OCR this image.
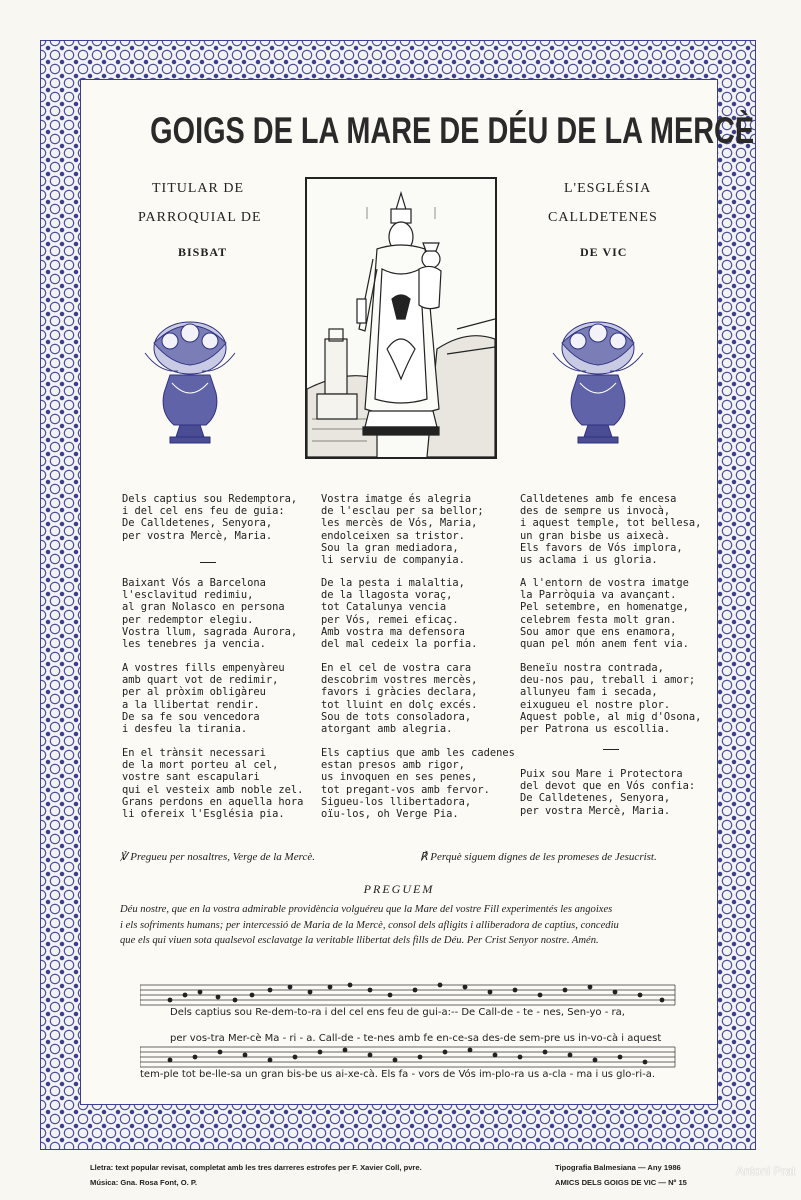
GOIGS DE LA MARE DE DÉU DE LA MERCÈ
TITULAR DE
PARROQUIAL DE
BISBAT
L'ESGLÉSIA
CALLDETENES
DE VIC
Dels captius sou Redemptora,
i del cel ens feu de guia:
De Calldetenes, Senyora,
per vostra Mercè, Maria.
Baixant Vós a Barcelona
l'esclavitud redimiu,
al gran Nolasco en persona
per redemptor elegiu.
Vostra llum, sagrada Aurora,
les tenebres ja vencia.
A vostres fills empenyàreu
amb quart vot de redimir,
per al pròxim obligàreu
a la llibertat rendir.
De sa fe sou vencedora
i desfeu la tirania.
En el trànsit necessari
de la mort porteu al cel,
vostre sant escapulari
qui el vesteix amb noble zel.
Grans perdons en aquella hora
li ofereix l'Església pia.
Vostra imatge és alegria
de l'esclau per sa bellor;
les mercès de Vós, Maria,
endolceixen sa tristor.
Sou la gran mediadora,
li serviu de companyia.
De la pesta i malaltia,
de la llagosta voraç,
tot Catalunya vencia
per Vós, remei eficaç.
Amb vostra ma defensora
del mal cedeix la porfia.
En el cel de vostra cara
descobrim vostres mercès,
favors i gràcies declara,
tot lluint en dolç excés.
Sou de tots consoladora,
atorgant amb alegria.
Els captius que amb les cadenes
estan presos amb rigor,
us invoquen en ses penes,
tot pregant-vos amb fervor.
Sigueu-los llibertadora,
oïu-los, oh Verge Pia.
Calldetenes amb fe encesa
des de sempre us invocà,
i aquest temple, tot bellesa,
un gran bisbe us aixecà.
Els favors de Vós implora,
us aclama i us gloria.
A l'entorn de vostra imatge
la Parròquia va avançant.
Pel setembre, en homenatge,
celebrem festa molt gran.
Sou amor que ens enamora,
quan pel món anem fent via.
Beneïu nostra contrada,
deu-nos pau, treball i amor;
allunyeu fam i secada,
eixugueu el nostre plor.
Aquest poble, al mig d'Osona,
per Patrona us escollia.
Puix sou Mare i Protectora
del devot que en Vós confia:
De Calldetenes, Senyora,
per vostra Mercè, Maria.
℣ Pregueu per nosaltres, Verge de la Mercè.	℟ Perquè siguem dignes de les promeses de Jesucrist.
PREGUEM
Déu nostre, que en la vostra admirable providència volguéreu que la Mare del vostre Fill experimentés les angoixes
i els sofriments humans; per intercessió de Maria de la Mercè, consol dels afligits i alliberadora de captius, concediu
que els qui viuen sota qualsevol esclavatge la veritable llibertat dels fills de Déu. Per Crist Senyor nostre. Amén.
Dels captius sou Re-dem-to-ra i del cel ens feu de gui-a:-- De Call-de - te - nes, Sen-yo - ra,
per vos-tra Mer-cè Ma - ri - a. Call-de - te-nes amb fe en-ce-sa des-de sem-pre us in-vo-cà i aquest
tem-ple tot be-lle-sa un gran bis-be us ai-xe-cà. Els fa - vors de Vós im-plo-ra us a-cla - ma i us glo-ri-a.
Lletra: text popular revisat, completat amb les tres darreres estrofes per F. Xavier Coll, pvre.
Música: Gna. Rosa Font, O. P.
Tipografia Balmesiana — Any 1986
AMICS DELS GOIGS DE VIC — Nº 15
Antoni Prat
